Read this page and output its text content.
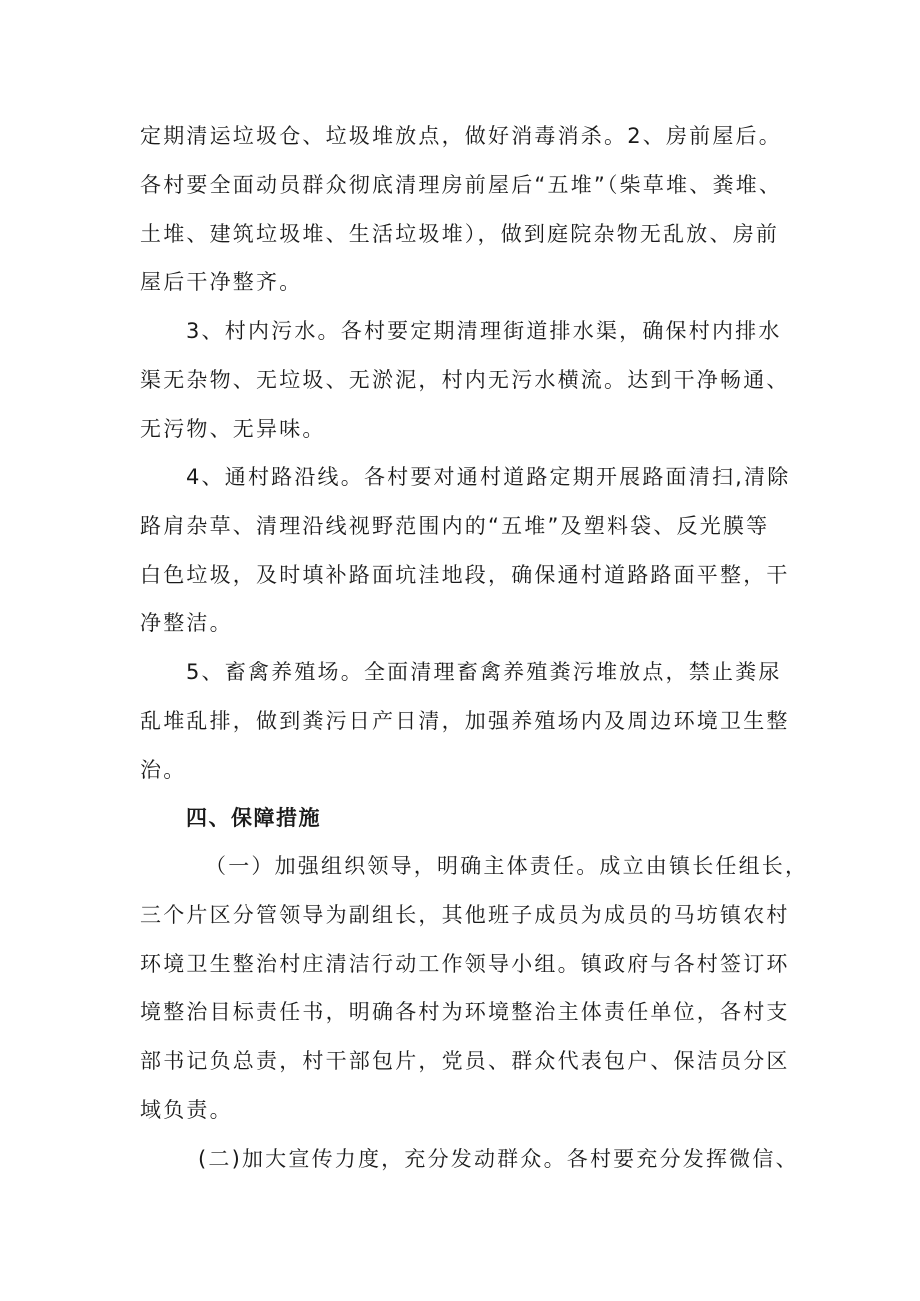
定期清运垃圾仓、垃圾堆放点，做好消毒消杀。2、房前屋后。

各村要全面动员群众彻底清理房前屋后“五堆”（柴草堆、粪堆、

土堆、建筑垃圾堆、生活垃圾堆），做到庭院杂物无乱放、房前

屋后干净整齐。

3、村内污水。各村要定期清理街道排水渠，确保村内排水

渠无杂物、无垃圾、无淤泥，村内无污水横流。达到干净畅通、

无污物、无异味。

4、通村路沿线。各村要对通村道路定期开展路面清扫,清除

路肩杂草、清理沿线视野范围内的“五堆”及塑料袋、反光膜等

白色垃圾，及时填补路面坑洼地段，确保通村道路路面平整，干

净整洁。

5、畜禽养殖场。全面清理畜禽养殖粪污堆放点，禁止粪尿

乱堆乱排，做到粪污日产日清，加强养殖场内及周边环境卫生整

治。

四、保障措施

（一）加强组织领导，明确主体责任。成立由镇长任组长，

三个片区分管领导为副组长，其他班子成员为成员的马坊镇农村

环境卫生整治村庄清洁行动工作领导小组。镇政府与各村签订环

境整治目标责任书，明确各村为环境整治主体责任单位，各村支

部书记负总责，村干部包片，党员、群众代表包户、保洁员分区

域负责。

(二)加大宣传力度，充分发动群众。各村要充分发挥微信、
